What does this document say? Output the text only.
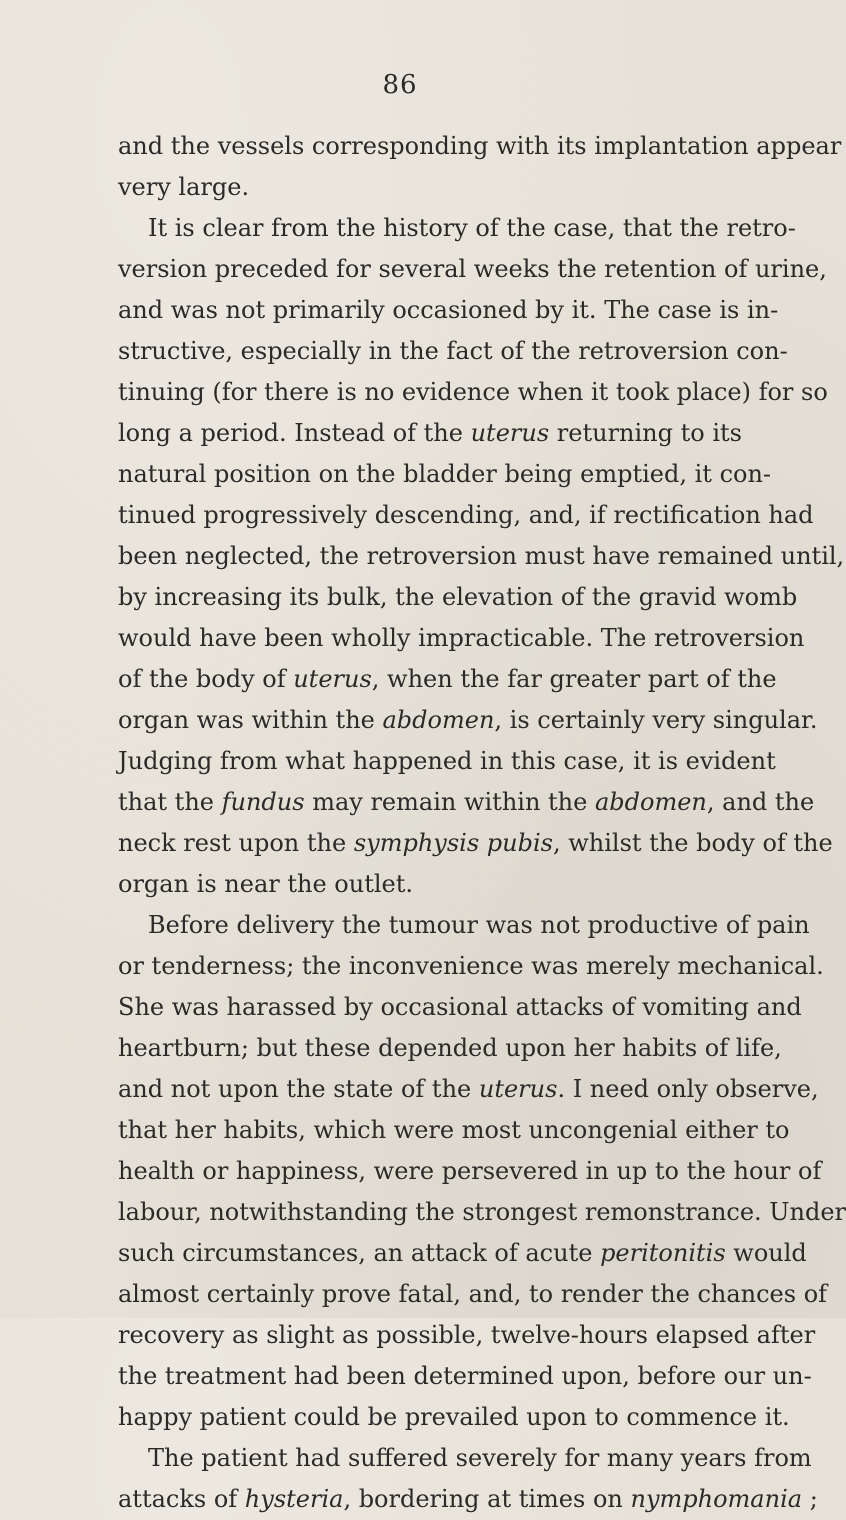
86
and the vessels corresponding with its implantation appear
very large.
It is clear from the history of the case, that the retro-
version preceded for several weeks the retention of urine,
and was not primarily occasioned by it. The case is in-
structive, especially in the fact of the retroversion con-
tinuing (for there is no evidence when it took place) for so
long a period. Instead of the uterus returning to its
natural position on the bladder being emptied, it con-
tinued progressively descending, and, if rectification had
been neglected, the retroversion must have remained until,
by increasing its bulk, the elevation of the gravid womb
would have been wholly impracticable. The retroversion
of the body of uterus, when the far greater part of the
organ was within the abdomen, is certainly very singular.
Judging from what happened in this case, it is evident
that the fundus may remain within the abdomen, and the
neck rest upon the symphysis pubis, whilst the body of the
organ is near the outlet.
Before delivery the tumour was not productive of pain
or tenderness; the inconvenience was merely mechanical.
She was harassed by occasional attacks of vomiting and
heartburn; but these depended upon her habits of life,
and not upon the state of the uterus. I need only observe,
that her habits, which were most uncongenial either to
health or happiness, were persevered in up to the hour of
labour, notwithstanding the strongest remonstrance. Under
such circumstances, an attack of acute peritonitis would
almost certainly prove fatal, and, to render the chances of
recovery as slight as possible, twelve-hours elapsed after
the treatment had been determined upon, before our un-
happy patient could be prevailed upon to commence it.
The patient had suffered severely for many years from
attacks of hysteria, bordering at times on nymphomania ;
